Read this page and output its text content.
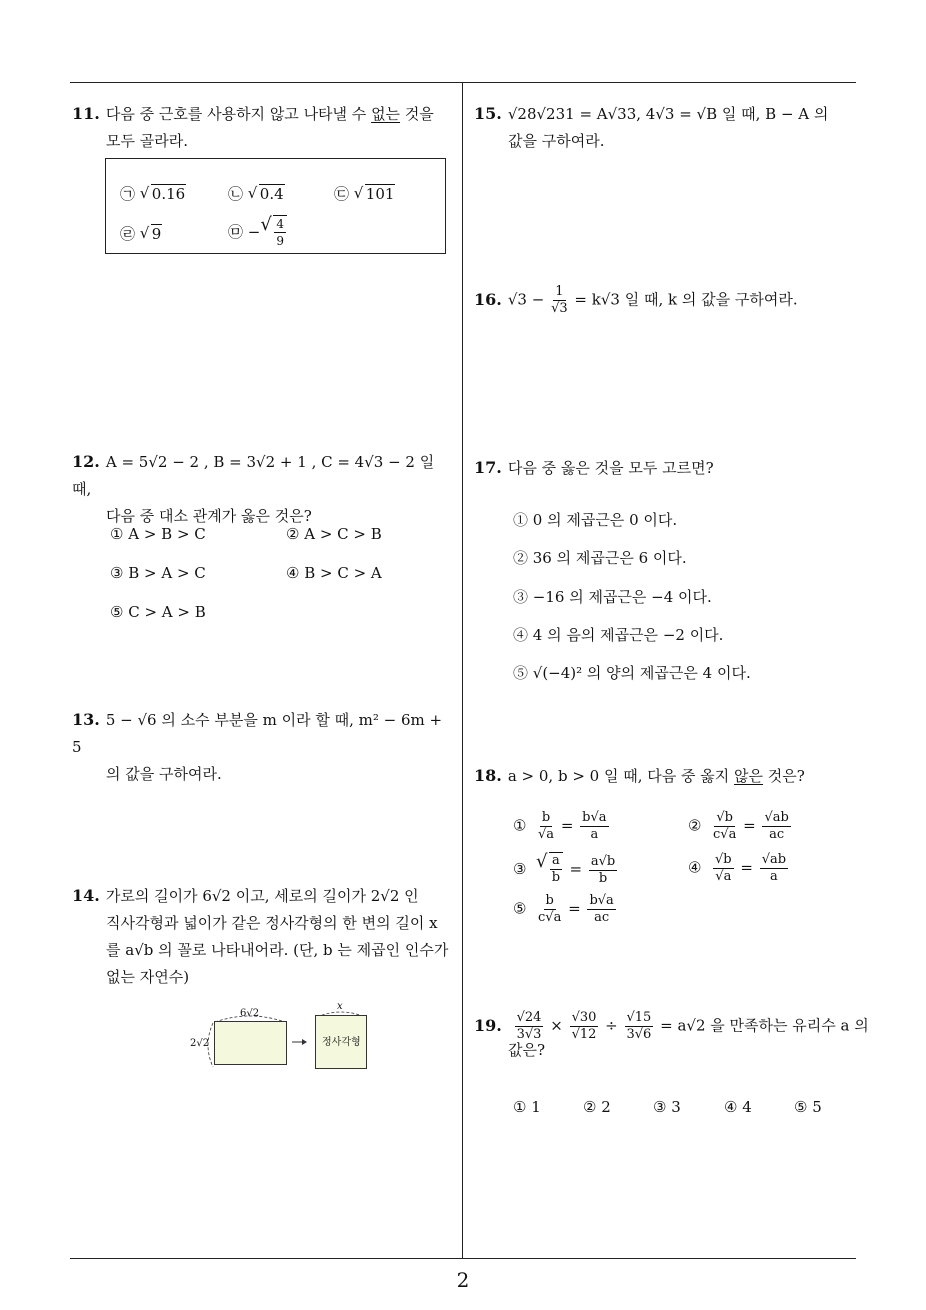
2
11. 다음 중 근호를 사용하지 않고 나타낼 수 없는 것을
모두 골라라.
㉠ √ 0.16	㉡ √ 0.4	㉢ √ 101
㉣ √ 9	㉤ − √ $\frac{4}{9}$
12. A = 5√2 − 2 , B = 3√2 + 1 , C = 4√3 − 2 일 때,
다음 중 대소 관계가 옳은 것은?
① A > B > C	② A > C > B
③ B > A > C	④ B > C > A
⑤ C > A > B
13. 5 − √6 의 소수 부분을 m 이라 할 때, m² − 6m + 5
의 값을 구하여라.
14. 가로의 길이가 6√2 이고, 세로의 길이가 2√2 인
직사각형과 넓이가 같은 정사각형의 한 변의 길이 x
를 a√b 의 꼴로 나타내어라. (단, b 는 제곱인 인수가
없는 자연수)
정사각형
6√2
2√2
x
15. √28√231 = A√33, 4√3 = √B 일 때, B − A 의
값을 구하여라.
16. $√3 - \frac{1}{√3} = k√3$ 일 때, k 의 값을 구하여라.
17. 다음 중 옳은 것을 모두 고르면?
① 0 의 제곱근은 0 이다.
② 36 의 제곱근은 6 이다.
③ −16 의 제곱근은 −4 이다.
④ 4 의 음의 제곱근은 −2 이다.
⑤ √(−4)² 의 양의 제곱근은 4 이다.
18. a > 0, b > 0 일 때, 다음 중 옳지 않은 것은?
① $\frac{b}{√a} = \frac{b√a}{a}$	② $\frac{√b}{c√a} = \frac{√ab}{ac}$
③ √ $\frac{a}{b} = \frac{a√b}{b}$	④ $\frac{√b}{√a} = \frac{√ab}{a}$
⑤ $\frac{b}{c√a} = \frac{b√a}{ac}$
19. $\frac{√24}{3√3} \times \frac{√30}{√12} \div \frac{√15}{3√6} = a√2$ 을 만족하는 유리수 a 의
값은?
① 1	② 2	③ 3	④ 4	⑤ 5
